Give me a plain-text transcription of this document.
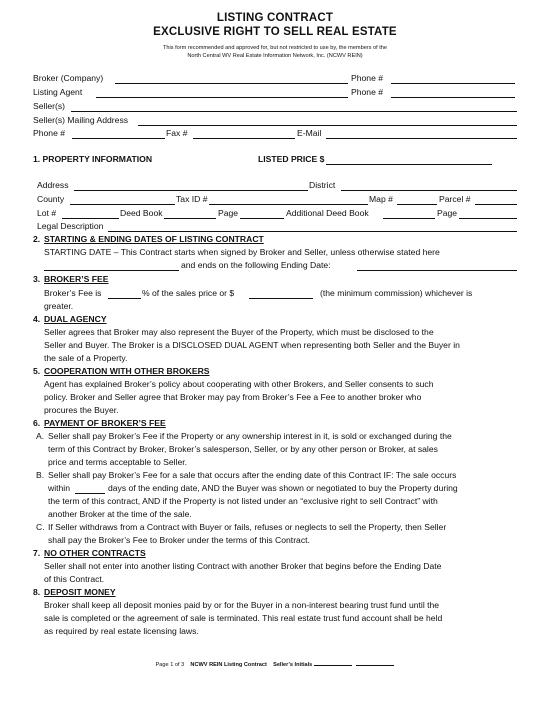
LISTING CONTRACT
EXCLUSIVE RIGHT TO SELL REAL ESTATE
This form recommended and approved for, but not restricted to use by, the members of the
North Central WV Real Estate Information Network, Inc. (NCWV REIN)
Broker (Company)	Phone #
Listing Agent	Phone #
Seller(s)
Seller(s) Mailing Address
Phone #	Fax #	E-Mail
1. PROPERTY INFORMATION	LISTED PRICE $
Address	District
County	Tax ID #	Map #	Parcel #
Lot #	Deed Book	Page	Additional Deed Book	Page
Legal Description
2. STARTING & ENDING DATES OF LISTING CONTRACT
STARTING DATE – This Contract starts when signed by Broker and Seller, unless otherwise stated here
and ends on the following Ending Date:
3. BROKER’S FEE
Broker’s Fee is	% of the sales price or $	(the minimum commission) whichever is
greater.
4. DUAL AGENCY
Seller agrees that Broker may also represent the Buyer of the Property, which must be disclosed to the
Seller and Buyer. The Broker is a DISCLOSED DUAL AGENT when representing both Seller and the Buyer in
the sale of a Property.
5. COOPERATION WITH OTHER BROKERS
Agent has explained Broker’s policy about cooperating with other Brokers, and Seller consents to such
policy. Broker and Seller agree that Broker may pay from Broker’s Fee a Fee to another broker who
procures the Buyer.
6. PAYMENT OF BROKER’S FEE
A. Seller shall pay Broker’s Fee if the Property or any ownership interest in it, is sold or exchanged during the
term of this Contract by Broker, Broker’s salesperson, Seller, or by any other person or Broker, at sales
price and terms acceptable to Seller.
B. Seller shall pay Broker’s Fee for a sale that occurs after the ending date of this Contract IF: The sale occurs
within	days of the ending date, AND the Buyer was shown or negotiated to buy the Property during
the term of this contract, AND if the Property is not listed under an “exclusive right to sell Contract” with
another Broker at the time of the sale.
C. If Seller withdraws from a Contract with Buyer or fails, refuses or neglects to sell the Property, then Seller
shall pay the Broker’s Fee to Broker under the terms of this Contract.
7. NO OTHER CONTRACTS
Seller shall not enter into another listing Contract with another Broker that begins before the Ending Date
of this Contract.
8. DEPOSIT MONEY
Broker shall keep all deposit monies paid by or for the Buyer in a non-interest bearing trust fund until the
sale is completed or the agreement of sale is terminated. This real estate trust fund account shall be held
as required by real estate licensing laws.
Page 1 of 3 NCWV REIN Listing Contract Seller’s Initials
